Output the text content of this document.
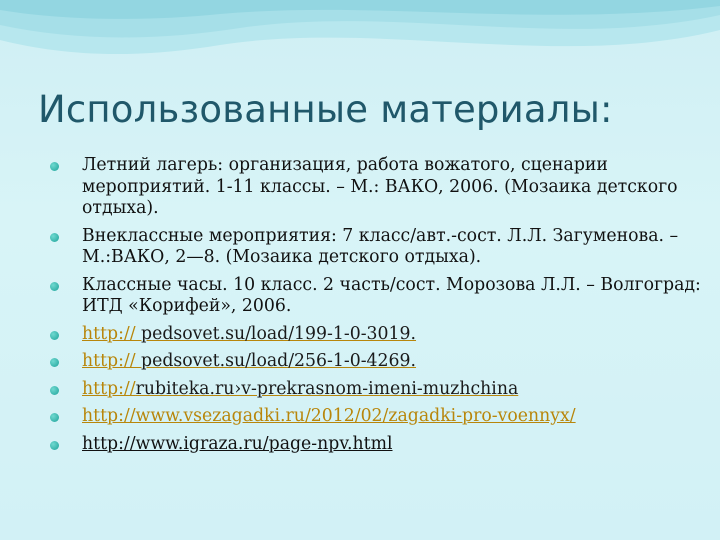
Использованные материалы:
Летний лагерь: организация, работа вожатого, сценарии мероприятий. 1-11 классы. – М.: ВАКО, 2006. (Мозаика детского отдыха).
Внеклассные мероприятия: 7 класс/авт.-сост. Л.Л. Загуменова. – М.:ВАКО, 2—8. (Мозаика детского отдыха).
Классные часы. 10 класс. 2 часть/сост. Морозова Л.Л. – Волгоград: ИТД «Корифей», 2006.
http:// pedsovet.su/load/199-1-0-3019.
http:// pedsovet.su/load/256-1-0-4269.
http://rubiteka.ru›v-prekrasnom-imeni-muzhchina
http://www.vsezagadki.ru/2012/02/zagadki-pro-voennyx/
http://www.igraza.ru/page-npv.html
